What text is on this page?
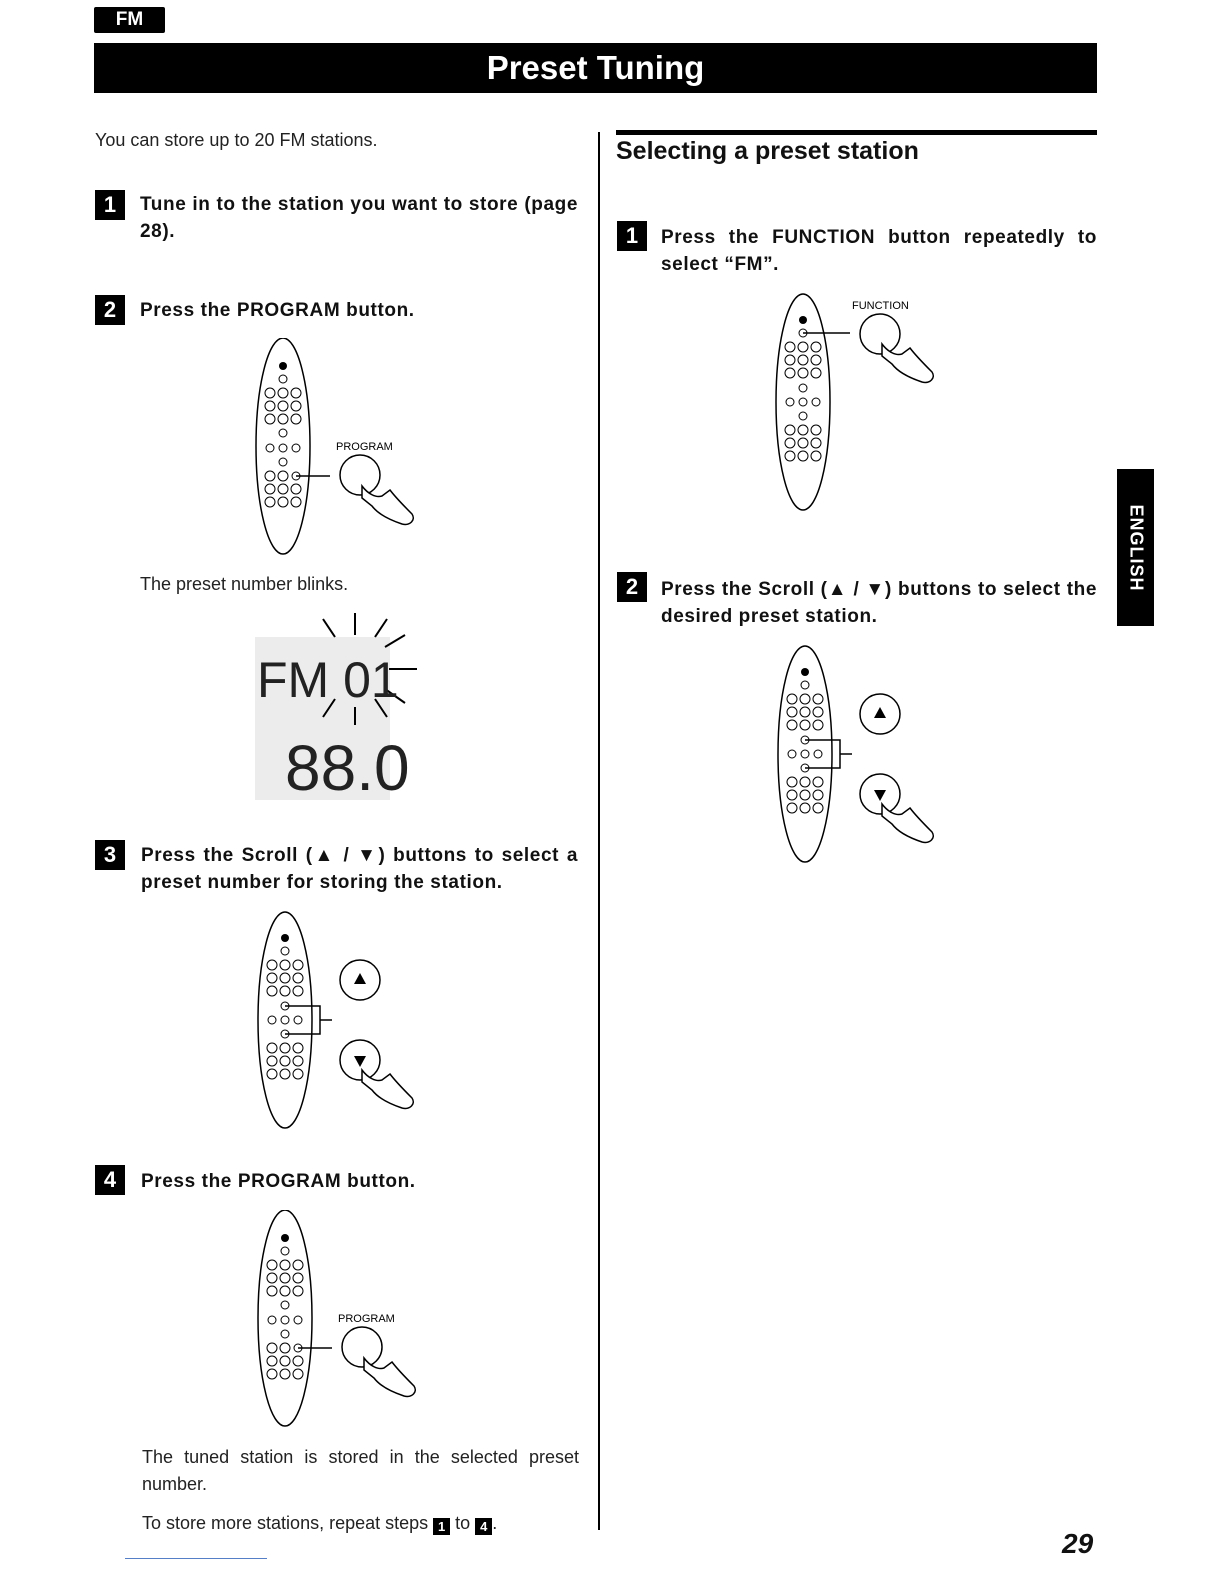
FM
Preset Tuning
You can store up to 20 FM stations.
1	Tune in to the station you want to store (page 28).
2	Press the PROGRAM button.
PROGRAM
The preset number blinks.
FM 01
88.0
3	Press the Scroll (▲ / ▼) buttons to select a preset number for storing the station.
4	Press the PROGRAM button.
PROGRAM
The tuned station is stored in the selected preset number.
To store more stations, repeat steps 1 to 4 .
Selecting a preset station
1	Press the FUNCTION button repeatedly to select “FM”.
FUNCTION
2	Press the Scroll (▲ / ▼) buttons to select the desired preset station.
ENGLISH
29
